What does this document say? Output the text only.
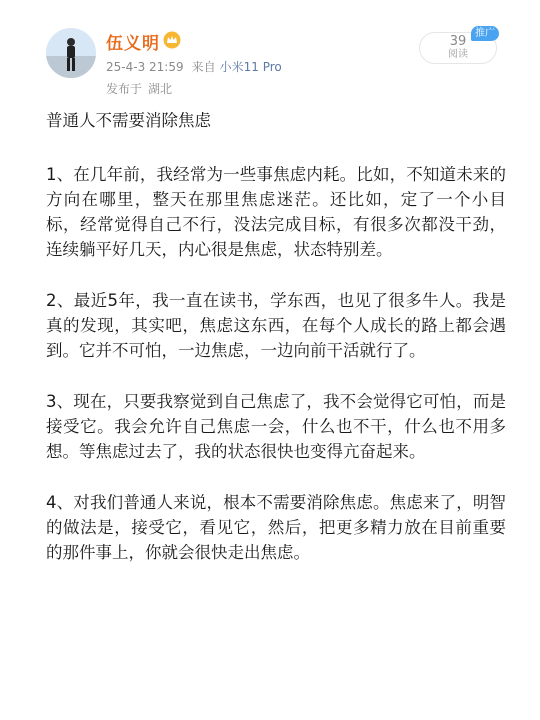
伍义明
25-4-3 21:59 来自 小米11 Pro
发布于 湖北
39
阅读
推广
普通人不需要消除焦虑

1、在几年前，我经常为一些事焦虑内耗。比如，不知道未来的方向在哪里，整天在那里焦虑迷茫。还比如，定了一个小目标，经常觉得自己不行，没法完成目标，有很多次都没干劲，连续躺平好几天，内心很是焦虑，状态特别差。

2、最近5年，我一直在读书，学东西，也见了很多牛人。我是真的发现，其实吧，焦虑这东西，在每个人成长的路上都会遇到。它并不可怕，一边焦虑，一边向前干活就行了。

3、现在，只要我察觉到自己焦虑了，我不会觉得它可怕，而是接受它。我会允许自己焦虑一会，什么也不干，什么也不用多想。等焦虑过去了，我的状态很快也变得亢奋起来。

4、对我们普通人来说，根本不需要消除焦虑。焦虑来了，明智的做法是，接受它，看见它，然后，把更多精力放在目前重要的那件事上，你就会很快走出焦虑。
